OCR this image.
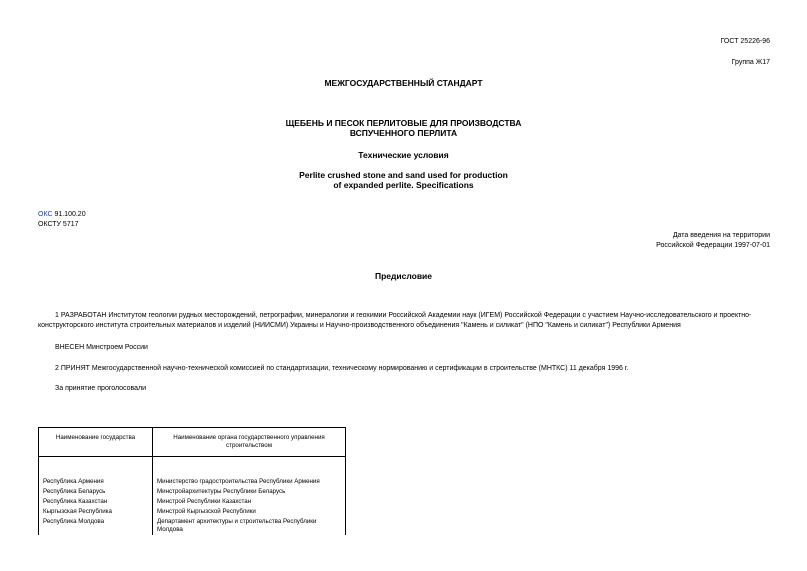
ГОСТ 25226-96
Группа Ж17
МЕЖГОСУДАРСТВЕННЫЙ СТАНДАРТ
ЩЕБЕНЬ И ПЕСОК ПЕРЛИТОВЫЕ ДЛЯ ПРОИЗВОДСТВА
ВСПУЧЕННОГО ПЕРЛИТА
Технические условия
Perlite crushed stone and sand used for production
of expanded perlite. Specifications
ОКС 91.100.20
ОКСТУ 5717
Дата введения на территории
Российской Федерации 1997-07-01
Предисловие
1 РАЗРАБОТАН Институтом геологии рудных месторождений, петрографии, минералогии и геохимии Российской Академии наук (ИГЕМ) Российской Федерации с участием Научно-исследовательского и проектно-
конструкторского института строительных материалов и изделий (НИИСМИ) Украины и Научно-производственного объединения "Камень и силикат" (НПО "Камень и силикат") Республики Армения
ВНЕСЕН Минстроем России
2 ПРИНЯТ Межгосударственной научно-технической комиссией по стандартизации, техническому нормированию и сертификации в строительстве (МНТКС) 11 декабря 1996 г.
За принятие проголосовали
Наименование государства	Наименование органа государственного управления
строительством

Республика Армения	Министерство градостроительства Республики Армения
Республика Беларусь	Минстройархитектуры Республики Беларусь
Республика Казахстан	Минстрой Республики Казахстан
Кыргызская Республика	Минстрой Кыргызской Республики
Республика Молдова	Департамент архитектуры и строительства Республики Молдова
